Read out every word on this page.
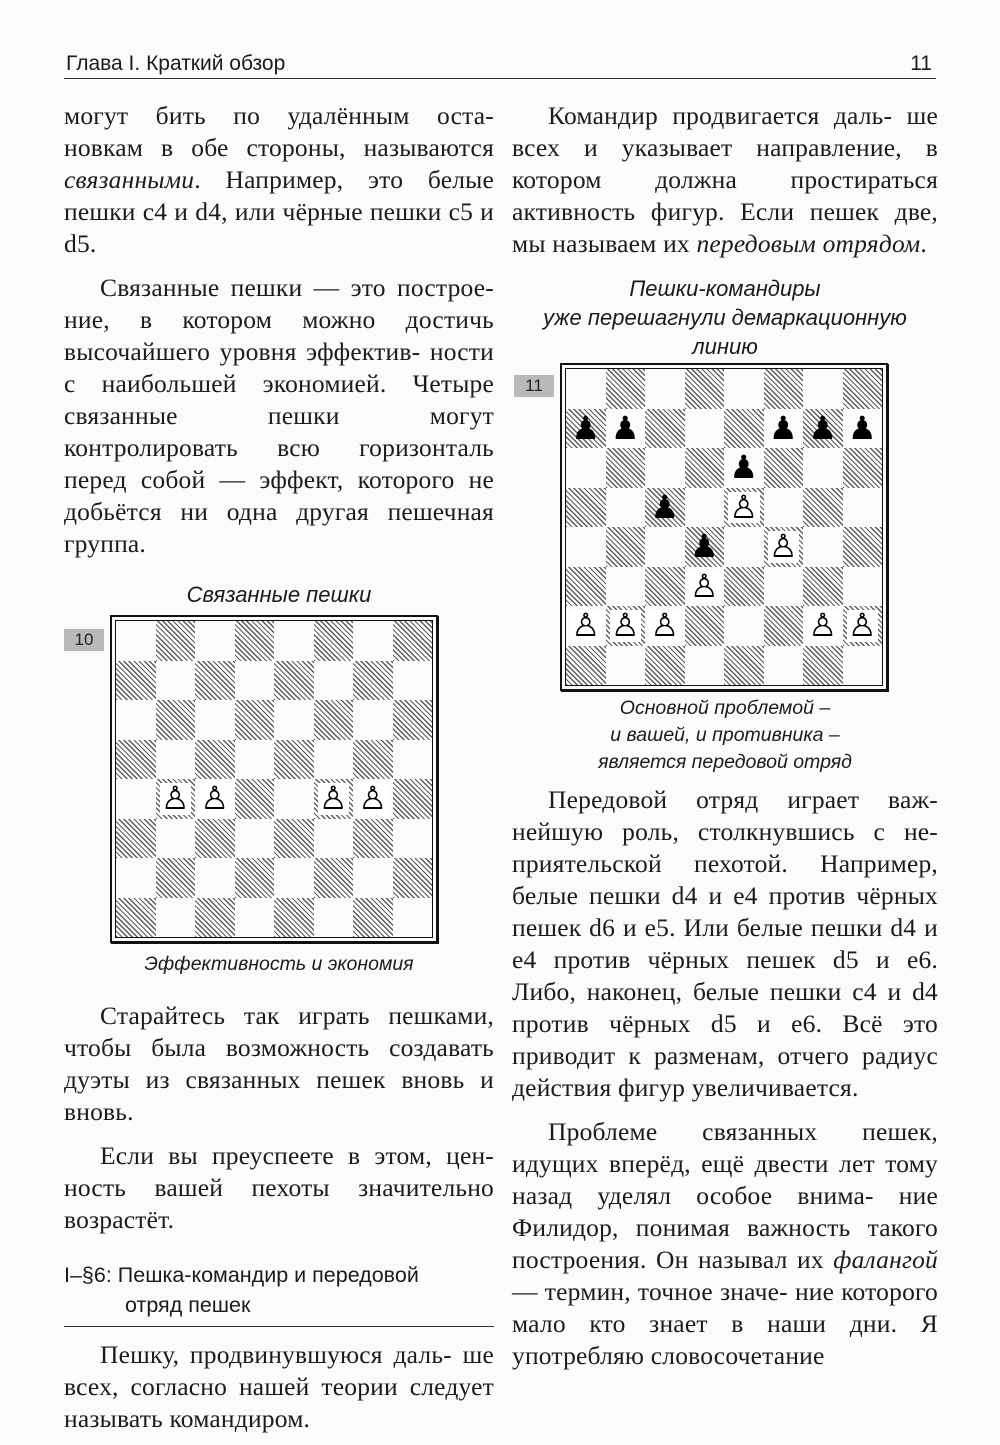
Глава I. Краткий обзор	11

могут бить по удалённым оста- новкам в обе стороны, называются связанными. Например, это белые пешки c4 и d4, или чёрные пешки c5 и d5.

Связанные пешки — это построе- ние, в котором можно достичь высочайшего уровня эффектив- ности с наибольшей экономией. Четыре связанные пешки могут контролировать всю горизонталь перед собой — эффект, которого не добьётся ни одна другая пешечная группа.

Связанные пешки
10
♙ ♙	♙ ♙
Эффективность и экономия

Старайтесь так играть пешками, чтобы была возможность создавать дуэты из связанных пешек вновь и вновь.

Если вы преуспеете в этом, цен- ность вашей пехоты значительно возрастёт.

I–§6: Пешка-командир и передовой
отряд пешек

Пешку, продвинувшуюся даль- ше всех, согласно нашей теории следует называть командиром.

Командир продвигается даль- ше всех и указывает направление, в котором должна простираться активность фигур. Если пешек две, мы называем их передовым отрядом.

Пешки-командиры
уже перешагнули демаркационную
линию
11
♟ ♟	♟ ♟ ♟
♟
♟ ♙
♟ ♙
♙
♙ ♙ ♙	♙ ♙
Основной проблемой –
и вашей, и противника –
является передовой отряд

Передовой отряд играет важ- нейшую роль, столкнувшись с не- приятельской пехотой. Например, белые пешки d4 и e4 против чёрных пешек d6 и e5. Или белые пешки d4 и e4 против чёрных пешек d5 и e6. Либо, наконец, белые пешки c4 и d4 против чёрных d5 и e6. Всё это приводит к разменам, отчего радиус действия фигур увеличивается.

Проблеме связанных пешек, идущих вперёд, ещё двести лет тому назад уделял особое внима- ние Филидор, понимая важность такого построения. Он называл их фалангой — термин, точное значе- ние которого мало кто знает в наши дни. Я употребляю словосочетание
